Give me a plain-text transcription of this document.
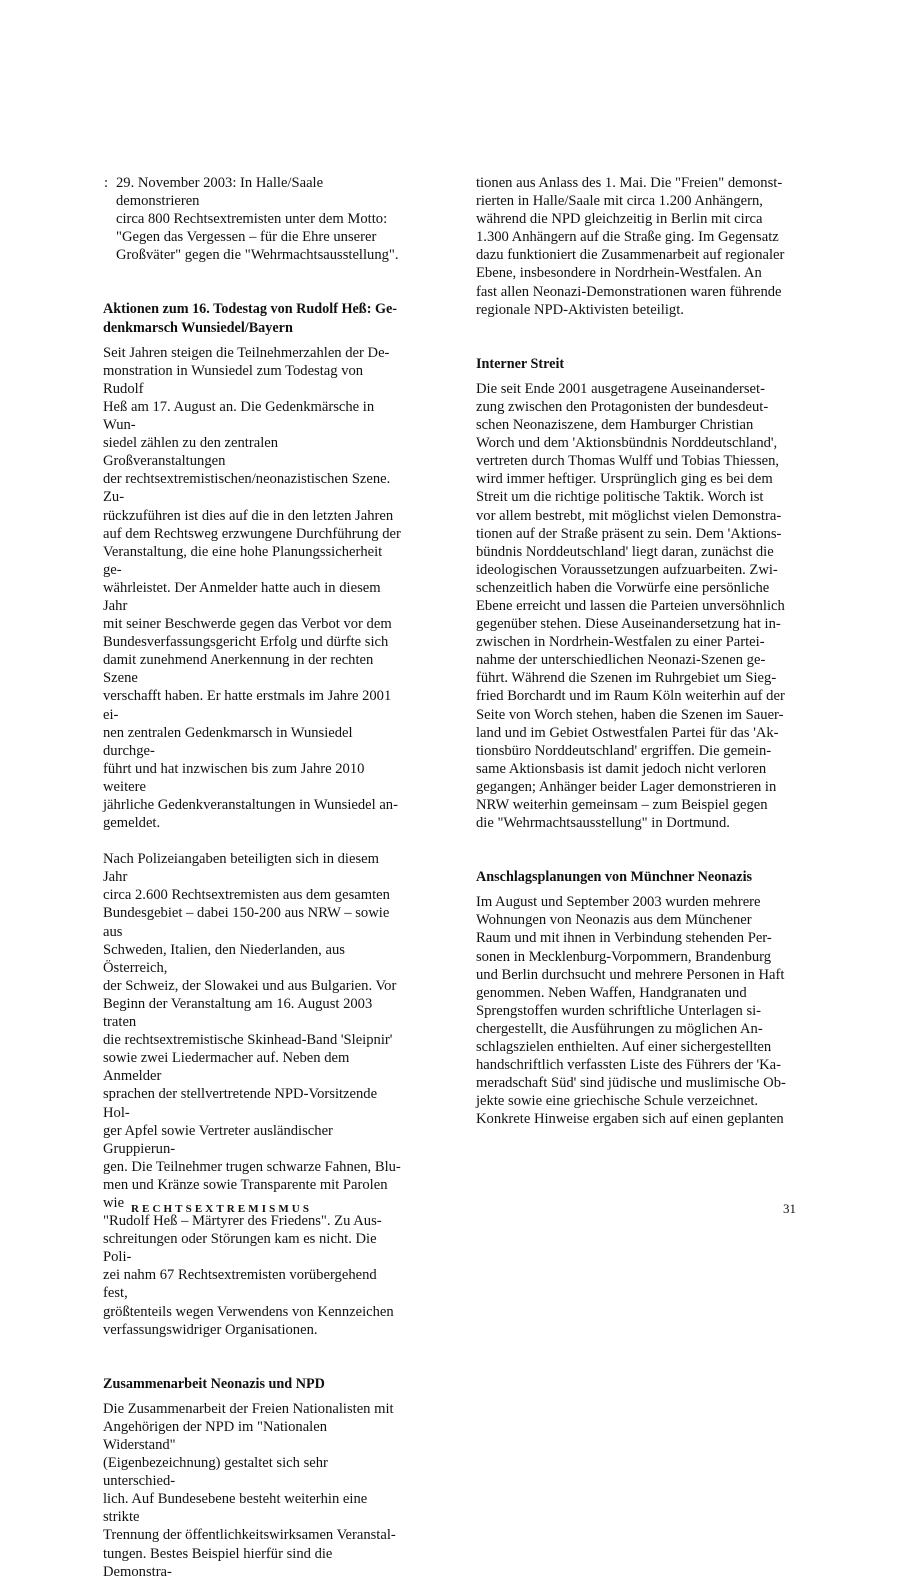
: 29. November 2003: In Halle/Saale demonstrieren
circa 800 Rechtsextremisten unter dem Motto:
"Gegen das Vergessen – für die Ehre unserer
Großväter" gegen die "Wehrmachtsausstellung".

Aktionen zum 16. Todestag von Rudolf Heß: Ge-
denkmarsch Wunsiedel/Bayern

Seit Jahren steigen die Teilnehmerzahlen der De-
monstration in Wunsiedel zum Todestag von Rudolf
Heß am 17. August an. Die Gedenkmärsche in Wun-
siedel zählen zu den zentralen Großveranstaltungen
der rechtsextremistischen/neonazistischen Szene. Zu-
rückzuführen ist dies auf die in den letzten Jahren
auf dem Rechtsweg erzwungene Durchführung der
Veranstaltung, die eine hohe Planungssicherheit ge-
währleistet. Der Anmelder hatte auch in diesem Jahr
mit seiner Beschwerde gegen das Verbot vor dem
Bundesverfassungsgericht Erfolg und dürfte sich
damit zunehmend Anerkennung in der rechten Szene
verschafft haben. Er hatte erstmals im Jahre 2001 ei-
nen zentralen Gedenkmarsch in Wunsiedel durchge-
führt und hat inzwischen bis zum Jahre 2010 weitere
jährliche Gedenkveranstaltungen in Wunsiedel an-
gemeldet.

Nach Polizeiangaben beteiligten sich in diesem Jahr
circa 2.600 Rechtsextremisten aus dem gesamten
Bundesgebiet – dabei 150-200 aus NRW – sowie aus
Schweden, Italien, den Niederlanden, aus Österreich,
der Schweiz, der Slowakei und aus Bulgarien. Vor
Beginn der Veranstaltung am 16. August 2003 traten
die rechtsextremistische Skinhead-Band 'Sleipnir'
sowie zwei Liedermacher auf. Neben dem Anmelder
sprachen der stellvertretende NPD-Vorsitzende Hol-
ger Apfel sowie Vertreter ausländischer Gruppierun-
gen. Die Teilnehmer trugen schwarze Fahnen, Blu-
men und Kränze sowie Transparente mit Parolen wie
"Rudolf Heß – Märtyrer des Friedens". Zu Aus-
schreitungen oder Störungen kam es nicht. Die Poli-
zei nahm 67 Rechtsextremisten vorübergehend fest,
größtenteils wegen Verwendens von Kennzeichen
verfassungswidriger Organisationen.

Zusammenarbeit Neonazis und NPD

Die Zusammenarbeit der Freien Nationalisten mit
Angehörigen der NPD im "Nationalen Widerstand"
(Eigenbezeichnung) gestaltet sich sehr unterschied-
lich. Auf Bundesebene besteht weiterhin eine strikte
Trennung der öffentlichkeitswirksamen Veranstal-
tungen. Bestes Beispiel hierfür sind die Demonstra-

tionen aus Anlass des 1. Mai. Die "Freien" demonst-
rierten in Halle/Saale mit circa 1.200 Anhängern,
während die NPD gleichzeitig in Berlin mit circa
1.300 Anhängern auf die Straße ging. Im Gegensatz
dazu funktioniert die Zusammenarbeit auf regionaler
Ebene, insbesondere in Nordrhein-Westfalen. An
fast allen Neonazi-Demonstrationen waren führende
regionale NPD-Aktivisten beteiligt.

Interner Streit

Die seit Ende 2001 ausgetragene Auseinanderset-
zung zwischen den Protagonisten der bundesdeut-
schen Neonaziszene, dem Hamburger Christian
Worch und dem 'Aktionsbündnis Norddeutschland',
vertreten durch Thomas Wulff und Tobias Thiessen,
wird immer heftiger. Ursprünglich ging es bei dem
Streit um die richtige politische Taktik. Worch ist
vor allem bestrebt, mit möglichst vielen Demonstra-
tionen auf der Straße präsent zu sein. Dem 'Aktions-
bündnis Norddeutschland' liegt daran, zunächst die
ideologischen Voraussetzungen aufzuarbeiten. Zwi-
schenzeitlich haben die Vorwürfe eine persönliche
Ebene erreicht und lassen die Parteien unversöhnlich
gegenüber stehen. Diese Auseinandersetzung hat in-
zwischen in Nordrhein-Westfalen zu einer Partei-
nahme der unterschiedlichen Neonazi-Szenen ge-
führt. Während die Szenen im Ruhrgebiet um Sieg-
fried Borchardt und im Raum Köln weiterhin auf der
Seite von Worch stehen, haben die Szenen im Sauer-
land und im Gebiet Ostwestfalen Partei für das 'Ak-
tionsbüro Norddeutschland' ergriffen. Die gemein-
same Aktionsbasis ist damit jedoch nicht verloren
gegangen; Anhänger beider Lager demonstrieren in
NRW weiterhin gemeinsam – zum Beispiel gegen
die "Wehrmachtsausstellung" in Dortmund.

Anschlagsplanungen von Münchner Neonazis

Im August und September 2003 wurden mehrere
Wohnungen von Neonazis aus dem Münchener
Raum und mit ihnen in Verbindung stehenden Per-
sonen in Mecklenburg-Vorpommern, Brandenburg
und Berlin durchsucht und mehrere Personen in Haft
genommen. Neben Waffen, Handgranaten und
Sprengstoffen wurden schriftliche Unterlagen si-
chergestellt, die Ausführungen zu möglichen An-
schlagszielen enthielten. Auf einer sichergestellten
handschriftlich verfassten Liste des Führers der 'Ka-
meradschaft Süd' sind jüdische und muslimische Ob-
jekte sowie eine griechische Schule verzeichnet.
Konkrete Hinweise ergaben sich auf einen geplanten

RECHTSEXTREMISMUS	31
